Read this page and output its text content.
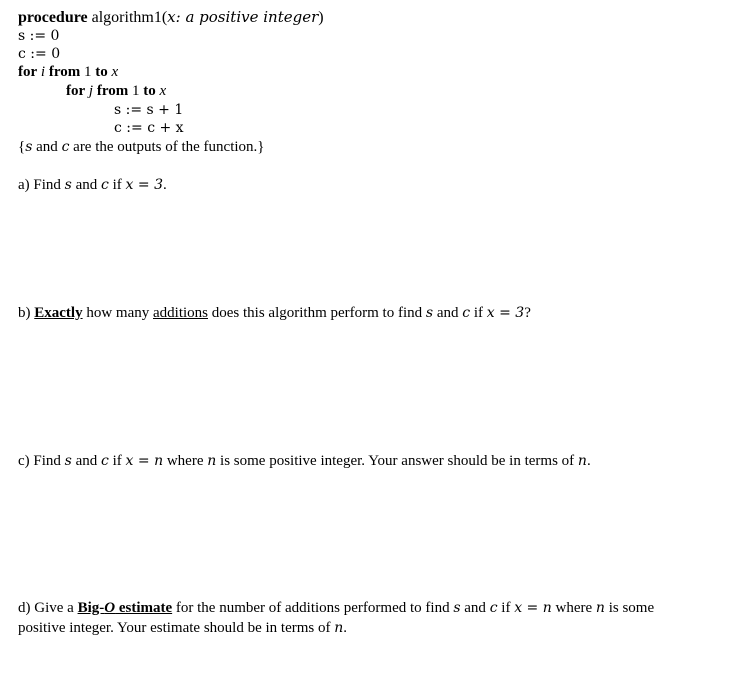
procedure algorithm1(x: a positive integer)
s := 0
c := 0
for i from 1 to x
for j from 1 to x
s := s + 1
c := c + x
{s and c are the outputs of the function.}
a) Find s and c if x = 3.
b) Exactly how many additions does this algorithm perform to find s and c if x = 3?
c) Find s and c if x = n where n is some positive integer. Your answer should be in terms of n.
d) Give a Big-O estimate for the number of additions performed to find s and c if x = n where n is some
positive integer. Your estimate should be in terms of n.
